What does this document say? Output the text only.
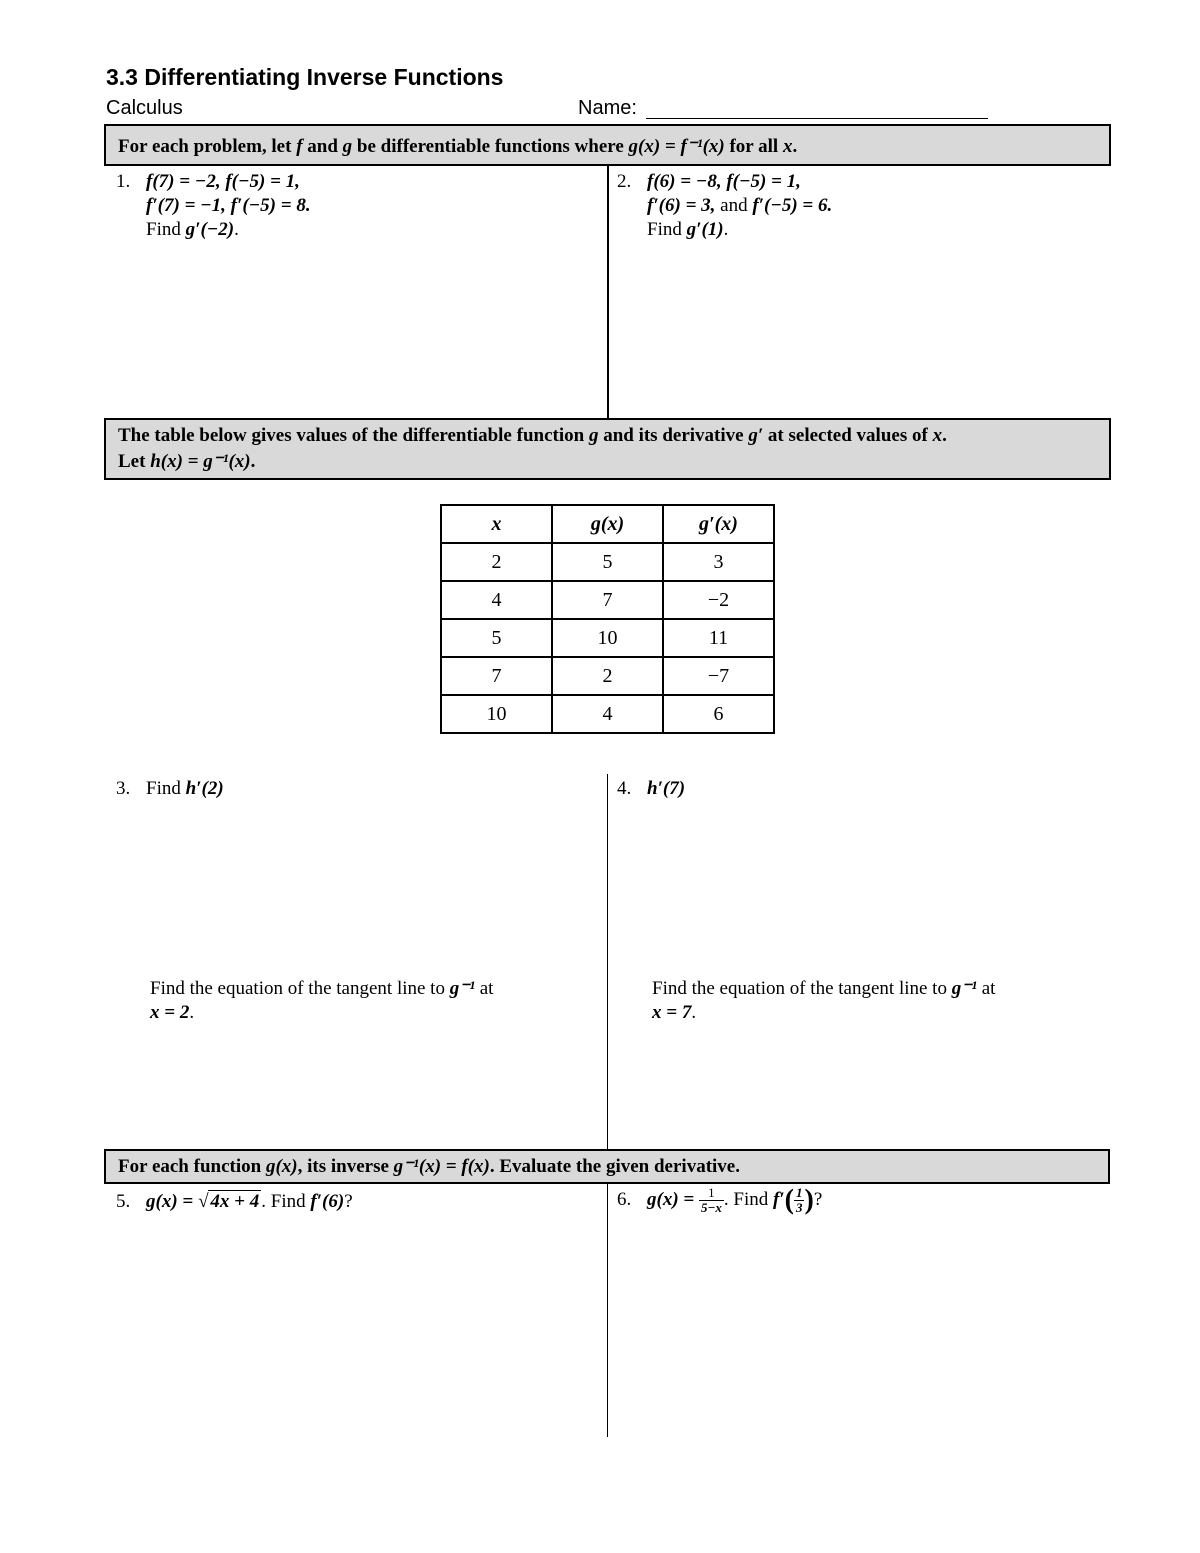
3.3 Differentiating Inverse Functions
Calculus	Name:
For each problem, let f and g be differentiable functions where g(x) = f⁻¹(x) for all x.
1. f(7) = −2, f(−5) = 1,
f′(7) = −1, f′(−5) = 8.
Find g′(−2).
2. f(6) = −8, f(−5) = 1,
f′(6) = 3, and f′(−5) = 6.
Find g′(1).
The table below gives values of the differentiable function g and its derivative g′ at selected values of x.
Let h(x) = g⁻¹(x).
x	g(x)	g′(x)
2	5	3
4	7	−2
5	10	11
7	2	−7
10	4	6
3. Find h′(2)	4. h′(7)
Find the equation of the tangent line to g⁻¹ at
x = 2.
Find the equation of the tangent line to g⁻¹ at
x = 7.
For each function g(x), its inverse g⁻¹(x) = f(x). Evaluate the given derivative.
5. g(x) = √ 4x + 4 . Find f′(6)?	6. $g(x) = \frac{1}{5-x}$ . Find $f'( \frac{1}{3}$ )?
